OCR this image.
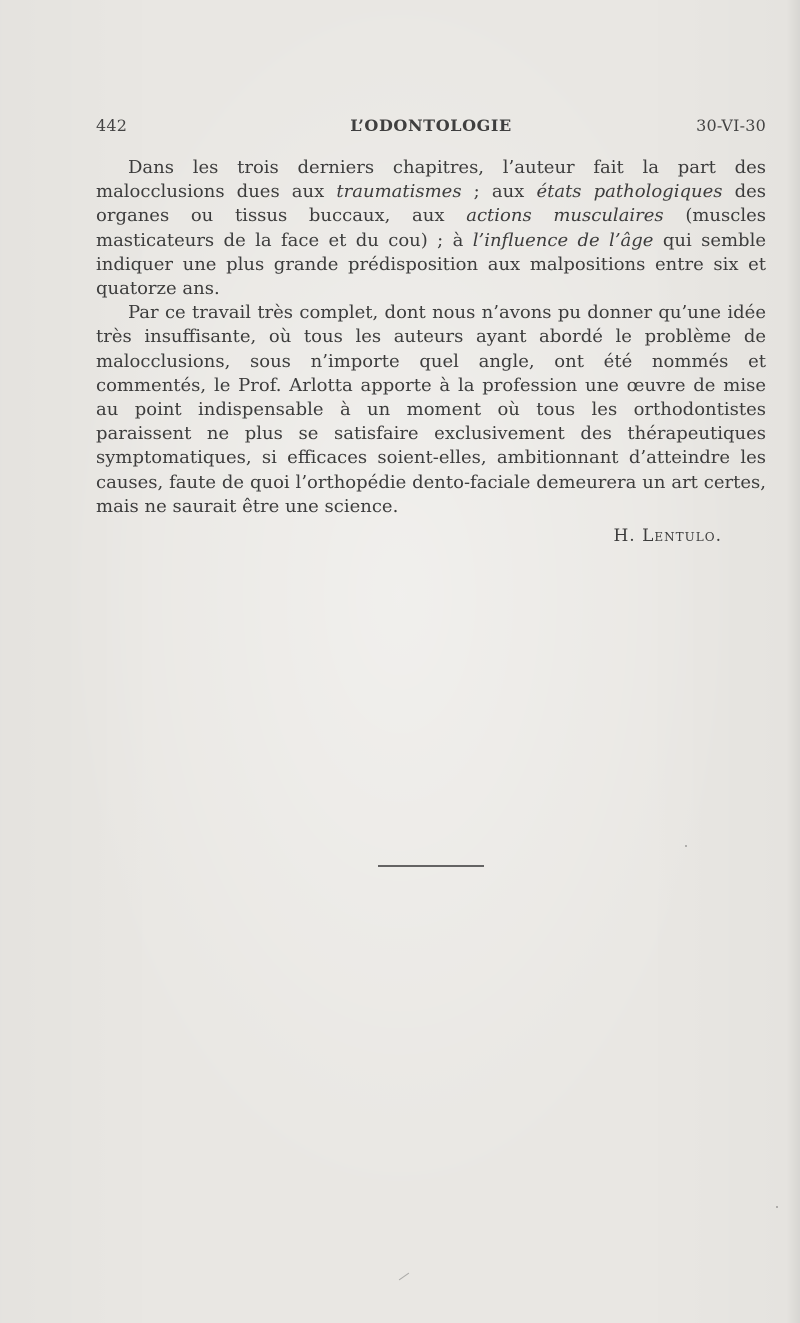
442	L’ODONTOLOGIE	30-VI-30

Dans les trois derniers chapitres, l’auteur fait la part des malocclusions dues aux traumatismes ; aux états pathologiques des organes ou tissus buccaux, aux actions musculaires (muscles masticateurs de la face et du cou) ; à l’influence de l’âge qui semble indiquer une plus grande prédisposition aux malpositions entre six et quatorze ans.

Par ce travail très complet, dont nous n’avons pu donner qu’une idée très insuffisante, où tous les auteurs ayant abordé le problème de malocclusions, sous n’importe quel angle, ont été nommés et commentés, le Prof. Arlotta apporte à la profession une œuvre de mise au point indispensable à un moment où tous les orthodontistes paraissent ne plus se satisfaire exclusivement des thérapeutiques symptomatiques, si efficaces soient-elles, ambitionnant d’atteindre les causes, faute de quoi l’orthopédie dento-faciale demeurera un art certes, mais ne saurait être une science.

H. Lentulo.
